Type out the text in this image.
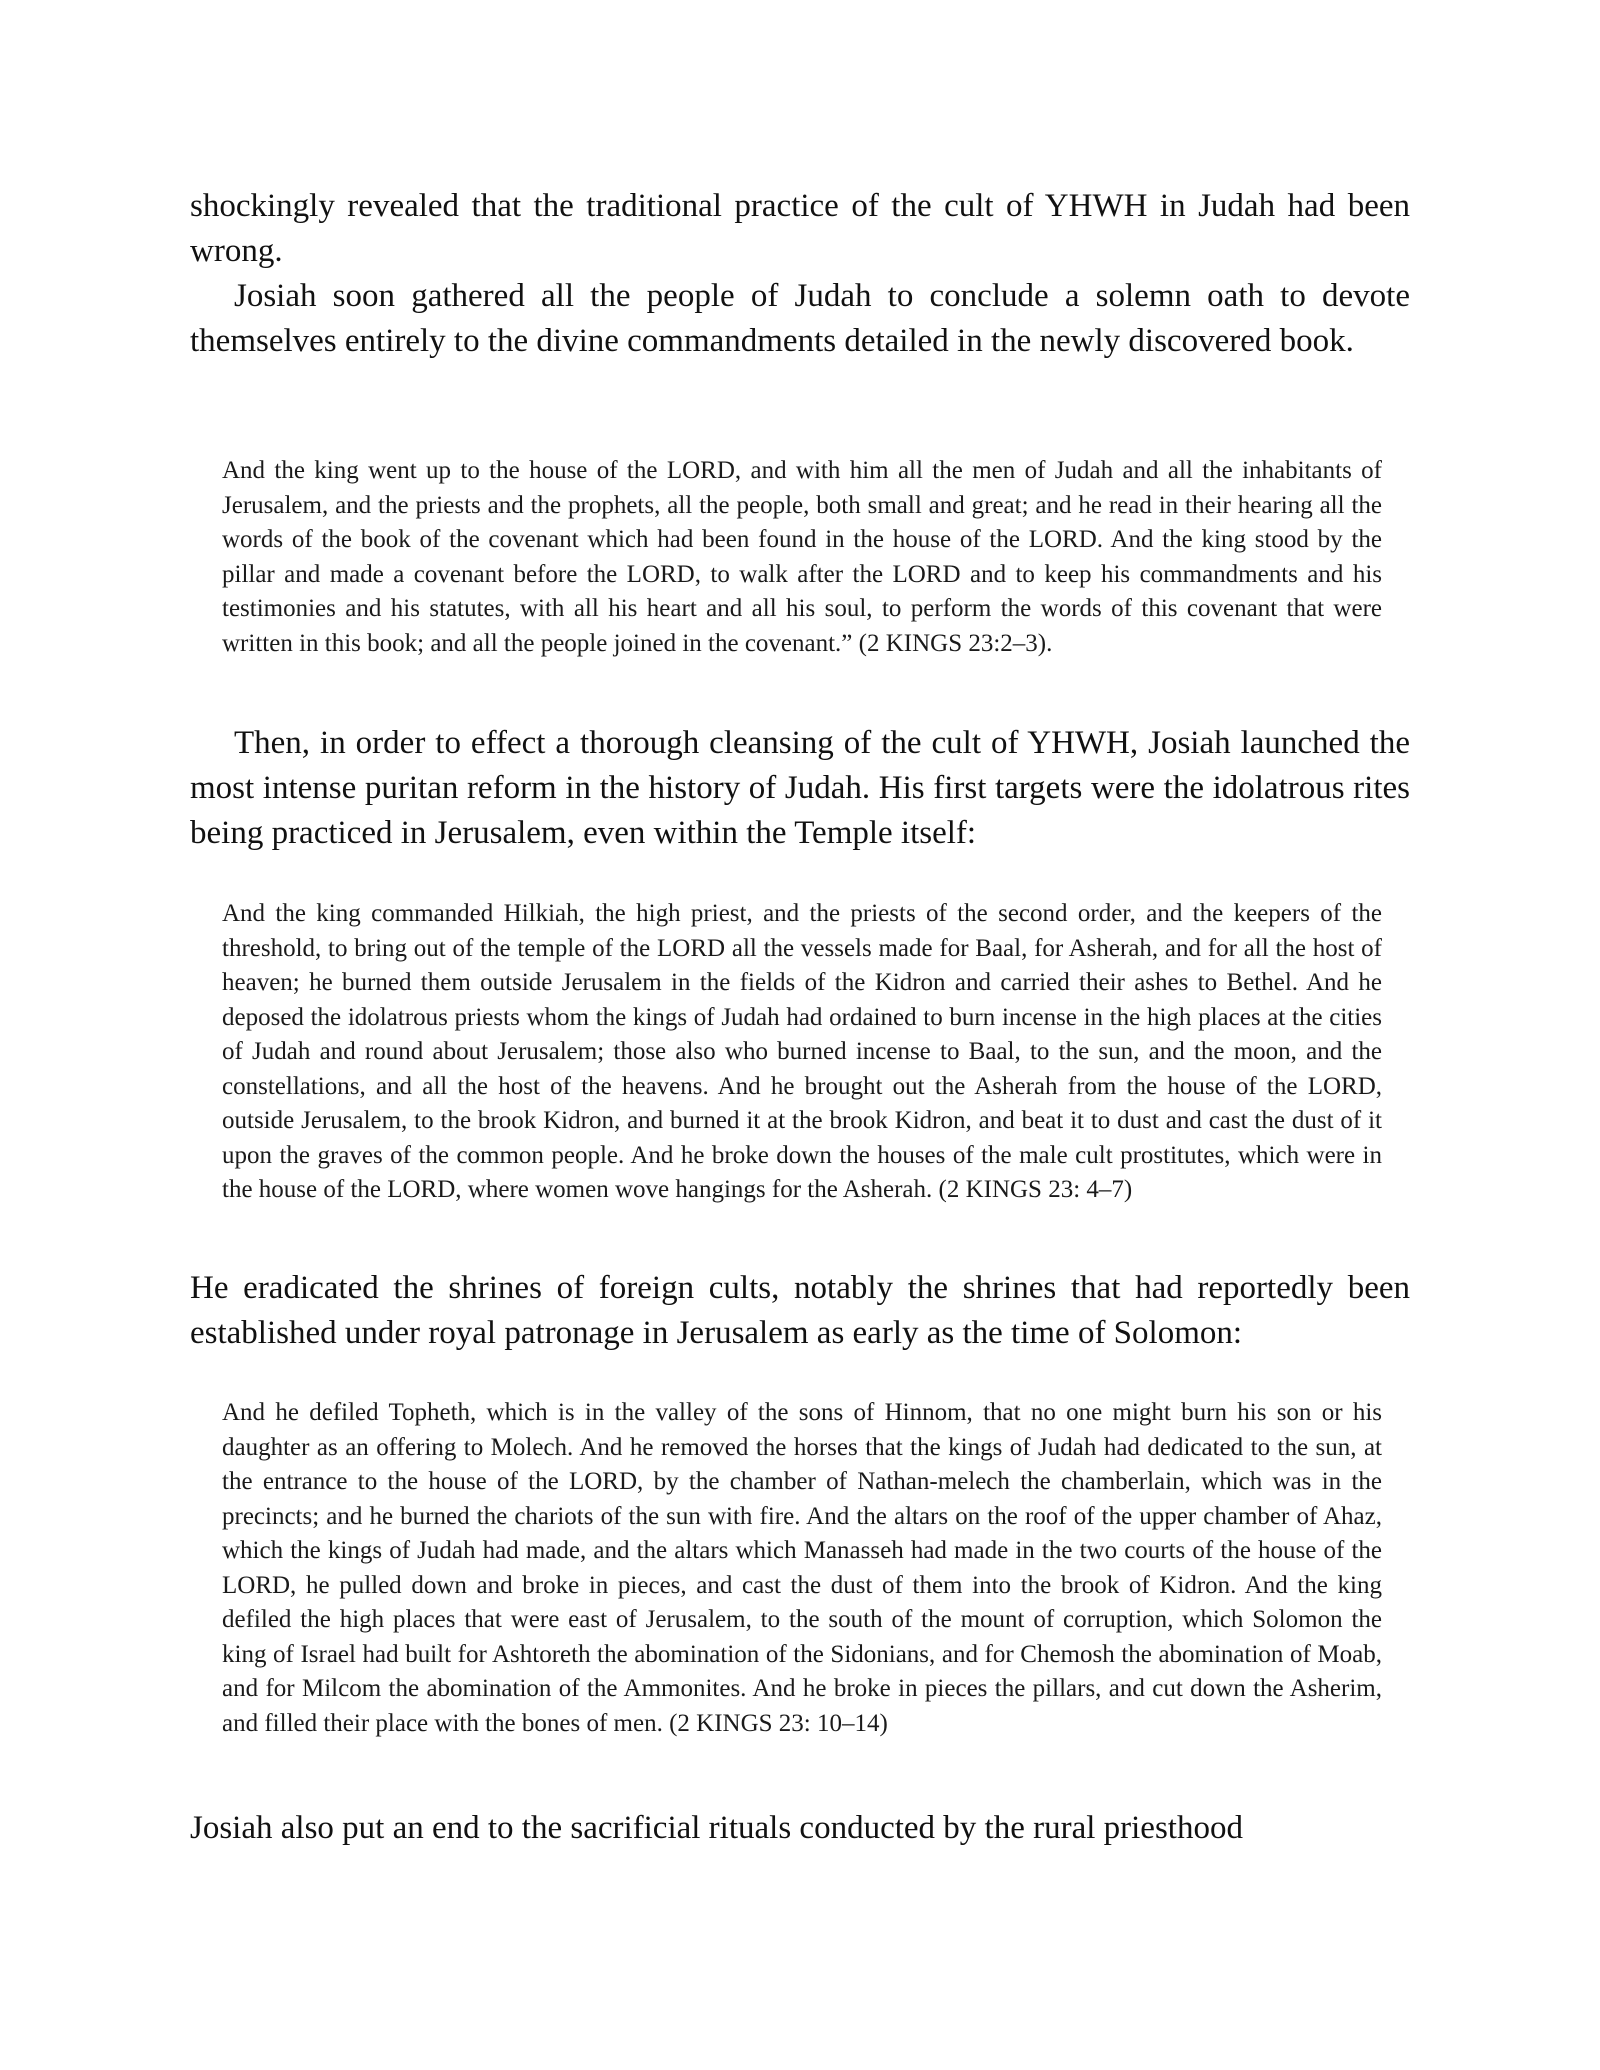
shockingly revealed that the traditional practice of the cult of YHWH in Judah had been wrong.

Josiah soon gathered all the people of Judah to conclude a solemn oath to devote themselves entirely to the divine commandments detailed in the newly discovered book.

And the king went up to the house of the LORD, and with him all the men of Judah and all the inhabitants of Jerusalem, and the priests and the prophets, all the people, both small and great; and he read in their hearing all the words of the book of the covenant which had been found in the house of the LORD. And the king stood by the pillar and made a covenant before the LORD, to walk after the LORD and to keep his commandments and his testimonies and his statutes, with all his heart and all his soul, to perform the words of this covenant that were written in this book; and all the people joined in the covenant.” (2 KINGS 23:2–3).

Then, in order to effect a thorough cleansing of the cult of YHWH, Josiah launched the most intense puritan reform in the history of Judah. His first targets were the idolatrous rites being practiced in Jerusalem, even within the Temple itself:

And the king commanded Hilkiah, the high priest, and the priests of the second order, and the keepers of the threshold, to bring out of the temple of the LORD all the vessels made for Baal, for Asherah, and for all the host of heaven; he burned them outside Jerusalem in the fields of the Kidron and carried their ashes to Bethel. And he deposed the idolatrous priests whom the kings of Judah had ordained to burn incense in the high places at the cities of Judah and round about Jerusalem; those also who burned incense to Baal, to the sun, and the moon, and the constellations, and all the host of the heavens. And he brought out the Asherah from the house of the LORD, outside Jerusalem, to the brook Kidron, and burned it at the brook Kidron, and beat it to dust and cast the dust of it upon the graves of the common people. And he broke down the houses of the male cult prostitutes, which were in the house of the LORD, where women wove hangings for the Asherah. (2 KINGS 23: 4–7)

He eradicated the shrines of foreign cults, notably the shrines that had reportedly been established under royal patronage in Jerusalem as early as the time of Solomon:

And he defiled Topheth, which is in the valley of the sons of Hinnom, that no one might burn his son or his daughter as an offering to Molech. And he removed the horses that the kings of Judah had dedicated to the sun, at the entrance to the house of the LORD, by the chamber of Nathan-melech the chamberlain, which was in the precincts; and he burned the chariots of the sun with fire. And the altars on the roof of the upper chamber of Ahaz, which the kings of Judah had made, and the altars which Manasseh had made in the two courts of the house of the LORD, he pulled down and broke in pieces, and cast the dust of them into the brook of Kidron. And the king defiled the high places that were east of Jerusalem, to the south of the mount of corruption, which Solomon the king of Israel had built for Ashtoreth the abomination of the Sidonians, and for Chemosh the abomination of Moab, and for Milcom the abomination of the Ammonites. And he broke in pieces the pillars, and cut down the Asherim, and filled their place with the bones of men. (2 KINGS 23: 10–14)

Josiah also put an end to the sacrificial rituals conducted by the rural priesthood
